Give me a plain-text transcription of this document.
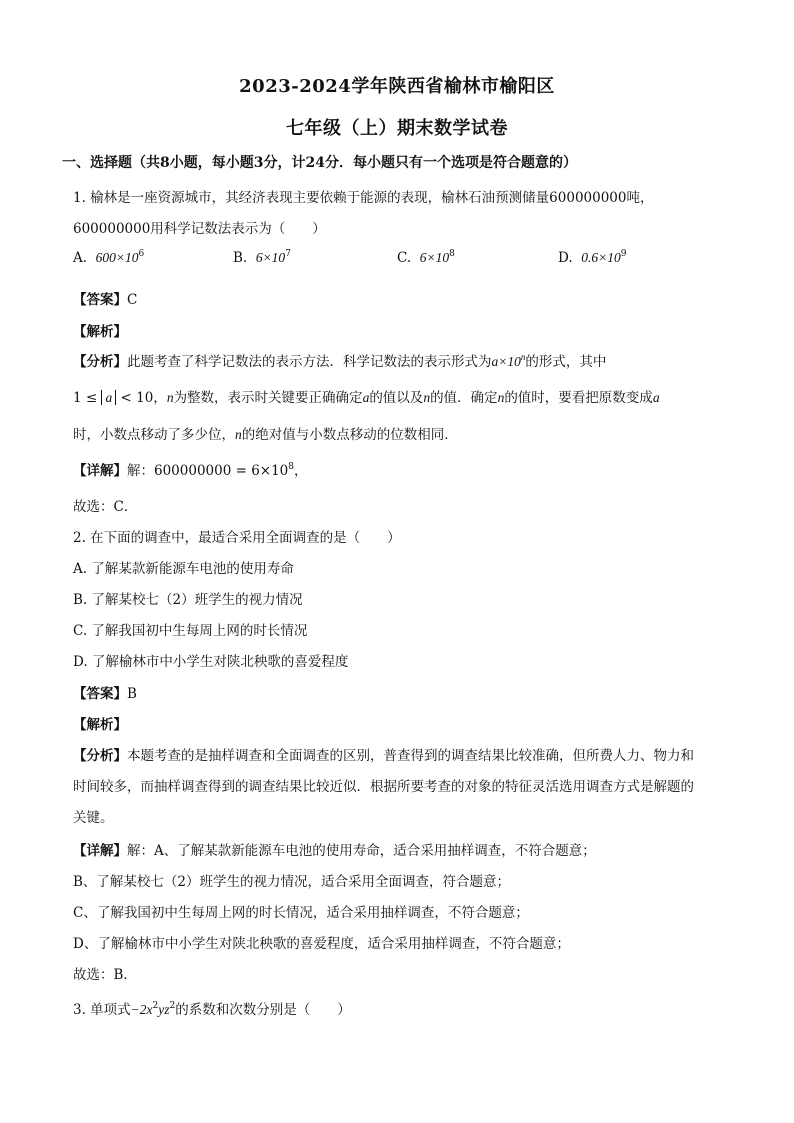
2023-2024学年陕西省榆林市榆阳区
七年级（上）期末数学试卷
一、选择题（共8小题，每小题3分，计24分．每小题只有一个选项是符合题意的）
1. 榆林是一座资源城市，其经济表现主要依赖于能源的表现，榆林石油预测储量600000000吨，
600000000用科学记数法表示为（　　）
A. $600\times 10^6$	B. $6\times 10^7$	C. $6\times 10^8$	D. $0.6\times 10^9$
【答案】C
【解析】
【分析】此题考查了科学记数法的表示方法．科学记数法的表示形式为$a\times 10^n$的形式，其中
1 ≤ a < 10，n为整数，表示时关键要正确确定a的值以及n的值．确定n的值时，要看把原数变成a
时，小数点移动了多少位，n的绝对值与小数点移动的位数相同．
【详解】解：$600000000 = 6\times 10^8$，
故选：C．
2. 在下面的调查中，最适合采用全面调查的是（　　）
A. 了解某款新能源车电池的使用寿命
B. 了解某校七（2）班学生的视力情况
C. 了解我国初中生每周上网的时长情况
D. 了解榆林市中小学生对陕北秧歌的喜爱程度
【答案】B
【解析】
【分析】本题考查的是抽样调查和全面调查的区别，普查得到的调查结果比较准确，但所费人力、物力和
时间较多，而抽样调查得到的调查结果比较近似．根据所要考查的对象的特征灵活选用调查方式是解题的
关键。
【详解】解：A、了解某款新能源车电池的使用寿命，适合采用抽样调查，不符合题意；
B、了解某校七（2）班学生的视力情况，适合采用全面调查，符合题意；
C、了解我国初中生每周上网的时长情况，适合采用抽样调查，不符合题意；
D、了解榆林市中小学生对陕北秧歌的喜爱程度，适合采用抽样调查，不符合题意；
故选：B．
3. 单项式$-2x^2yz^2$的系数和次数分别是（　　）
